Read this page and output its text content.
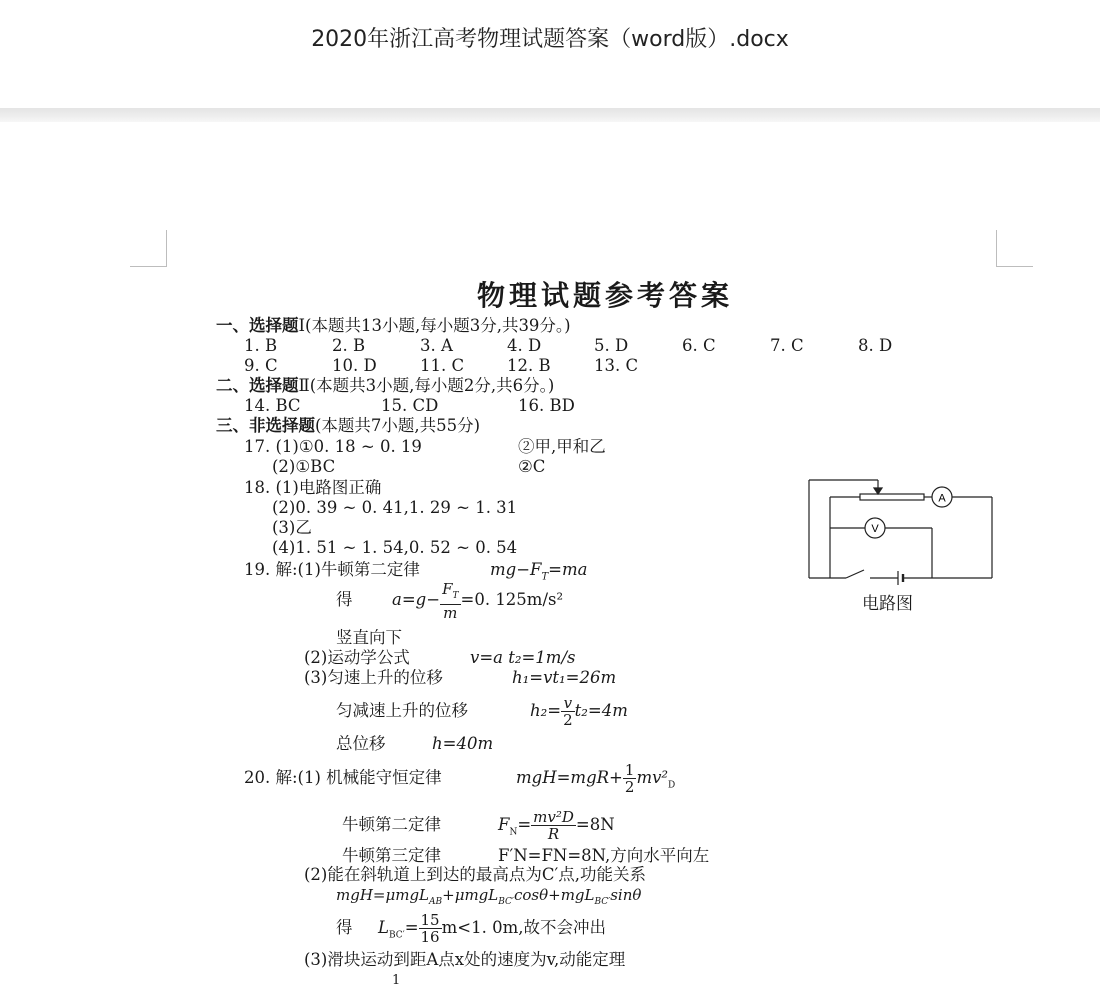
2020年浙江高考物理试题答案（word版）.docx
物理试题参考答案
一、选择题I(本题共13小题,每小题3分,共39分。)
1. B	2. B	3. A	4. D	5. D	6. C	7. C	8. D
9. C	10. D	11. C	12. B	13. C
二、选择题Ⅱ(本题共3小题,每小题2分,共6分。)
14. BC	15. CD	16. BD
三、非选择题(本题共7小题,共55分)
17. (1)①0. 18 ~ 0. 19	②甲,甲和乙
(2)①BC	②C
18. (1)电路图正确
(2)0. 39 ~ 0. 41,1. 29 ~ 1. 31
(3)乙
(4)1. 51 ~ 1. 54,0. 52 ~ 0. 54
19. 解:(1)牛顿第二定律	$mg-F_T=ma$
得 $a=g- \frac{F_T}{m} =0$. 125m/s²
竖直向下
(2)运动学公式	v=a t₂=1m/s
(3)匀速上升的位移	h₁=vt₁=26m
匀减速上升的位移	$h_2= \frac{v}{2} t_2=4m$
总位移	h=40m
20. 解:(1) 机械能守恒定律	$mgH=mgR+ \frac{1}{2} mv^2_D$
牛顿第二定律	$F_N= \frac{\text{mv²D}}{R} =8N$
牛顿第三定律	F′N=FN=8N,方向水平向左
(2)能在斜轨道上到达的最高点为C′点,功能关系
mgH=μmgL$_{AB}$+μmgL$_{BC'}$cosθ+mgL$_{BC'}$sinθ
得 $L_{BC'}= \frac{15}{16} m<1$. 0m,故不会冲出
(3)滑块运动到距A点x处的速度为v,动能定理
1
A
V
电路图
